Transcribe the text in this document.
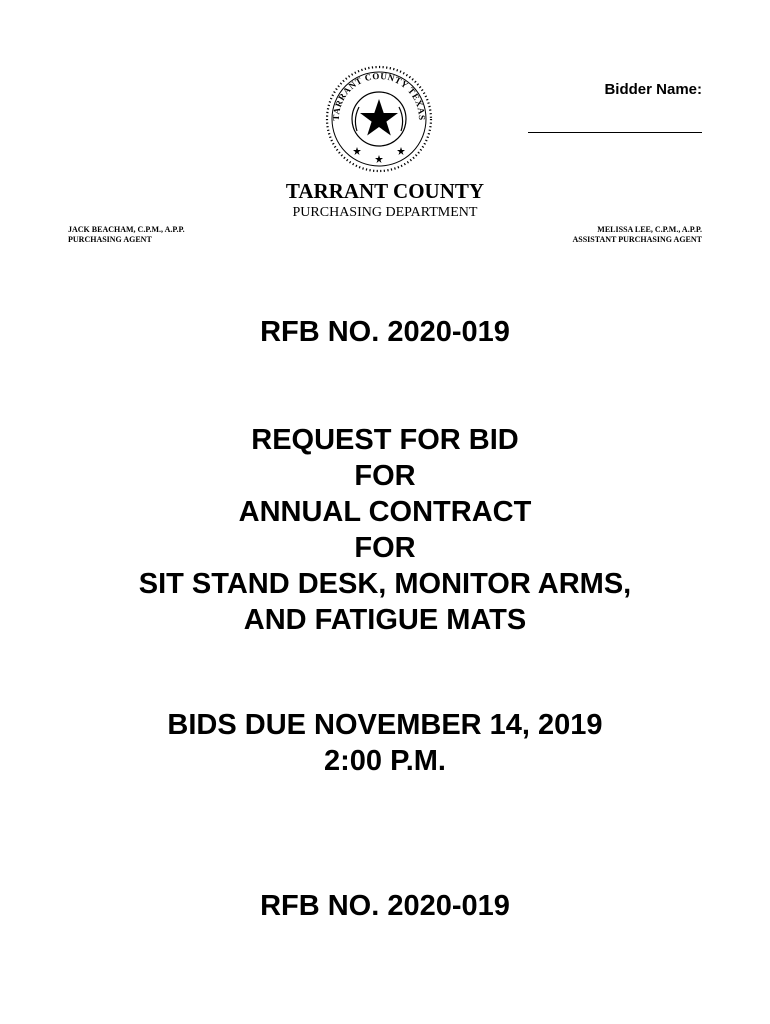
TARRANT COUNTY TEXAS
Bidder Name:
TARRANT COUNTY
PURCHASING DEPARTMENT
JACK BEACHAM, C.P.M., A.P.P.
PURCHASING AGENT
MELISSA LEE, C.P.M., A.P.P.
ASSISTANT PURCHASING AGENT
RFB NO. 2020-019
REQUEST FOR BID
FOR
ANNUAL CONTRACT
FOR
SIT STAND DESK, MONITOR ARMS,
AND FATIGUE MATS
BIDS DUE NOVEMBER 14, 2019
2:00 P.M.
RFB NO. 2020-019
